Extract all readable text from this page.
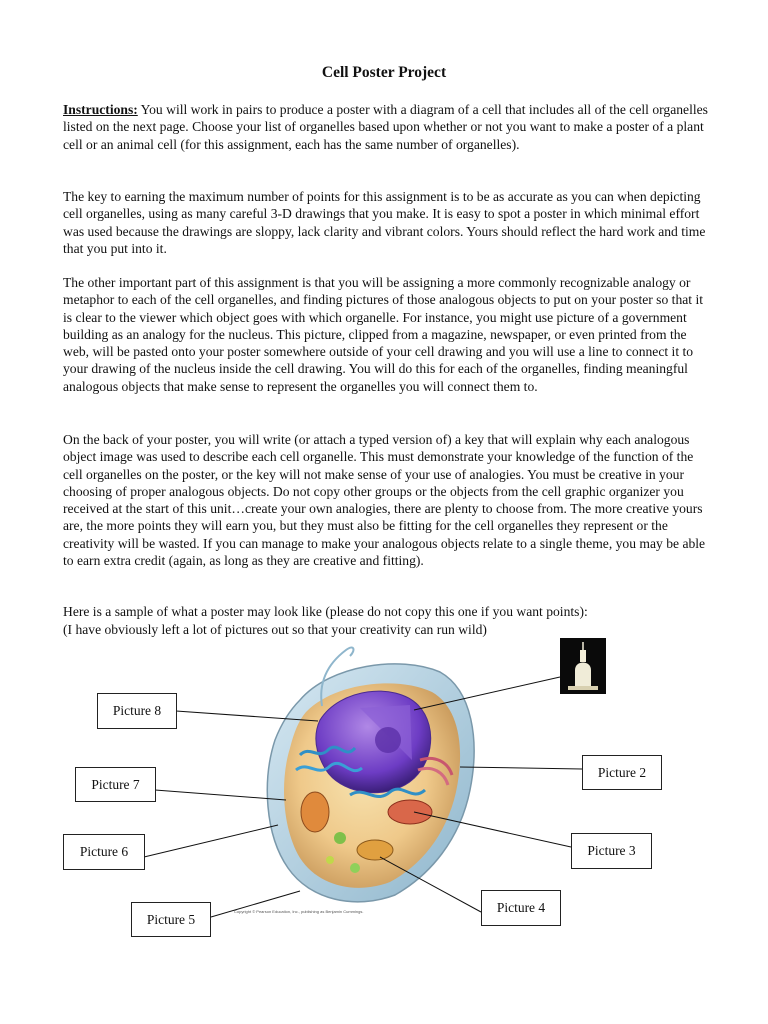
Cell Poster Project
Instructions: You will work in pairs to produce a poster with a diagram of a cell that includes all of the cell organelles listed on the next page. Choose your list of organelles based upon whether or not you want to make a poster of a plant cell or an animal cell (for this assignment, each has the same number of organelles).
The key to earning the maximum number of points for this assignment is to be as accurate as you can when depicting cell organelles, using as many careful 3-D drawings that you make. It is easy to spot a poster in which minimal effort was used because the drawings are sloppy, lack clarity and vibrant colors. Yours should reflect the hard work and time that you put into it.
The other important part of this assignment is that you will be assigning a more commonly recognizable analogy or metaphor to each of the cell organelles, and finding pictures of those analogous objects to put on your poster so that it is clear to the viewer which object goes with which organelle. For instance, you might use picture of a government building as an analogy for the nucleus. This picture, clipped from a magazine, newspaper, or even printed from the web, will be pasted onto your poster somewhere outside of your cell drawing and you will use a line to connect it to your drawing of the nucleus inside the cell drawing. You will do this for each of the organelles, finding meaningful analogous objects that make sense to represent the organelles you will connect them to.
On the back of your poster, you will write (or attach a typed version of) a key that will explain why each analogous object image was used to describe each cell organelle. This must demonstrate your knowledge of the function of the cell organelles on the poster, or the key will not make sense of your use of analogies. You must be creative in your choosing of proper analogous objects. Do not copy other groups or the objects from the cell graphic organizer you received at the start of this unit…create your own analogies, there are plenty to choose from. The more creative yours are, the more points they will earn you, but they must also be fitting for the cell organelles they represent or the creativity will be wasted. If you can manage to make your analogous objects relate to a single theme, you may be able to earn extra credit (again, as long as they are creative and fitting).
Here is a sample of what a poster may look like (please do not copy this one if you want points):
(I have obviously left a lot of pictures out so that your creativity can run wild)
Picture 8
Picture 7
Picture 6
Picture 5
Picture 4
Picture 3
Picture 2
Copyright © Pearson Education, Inc., publishing as Benjamin Cummings.
